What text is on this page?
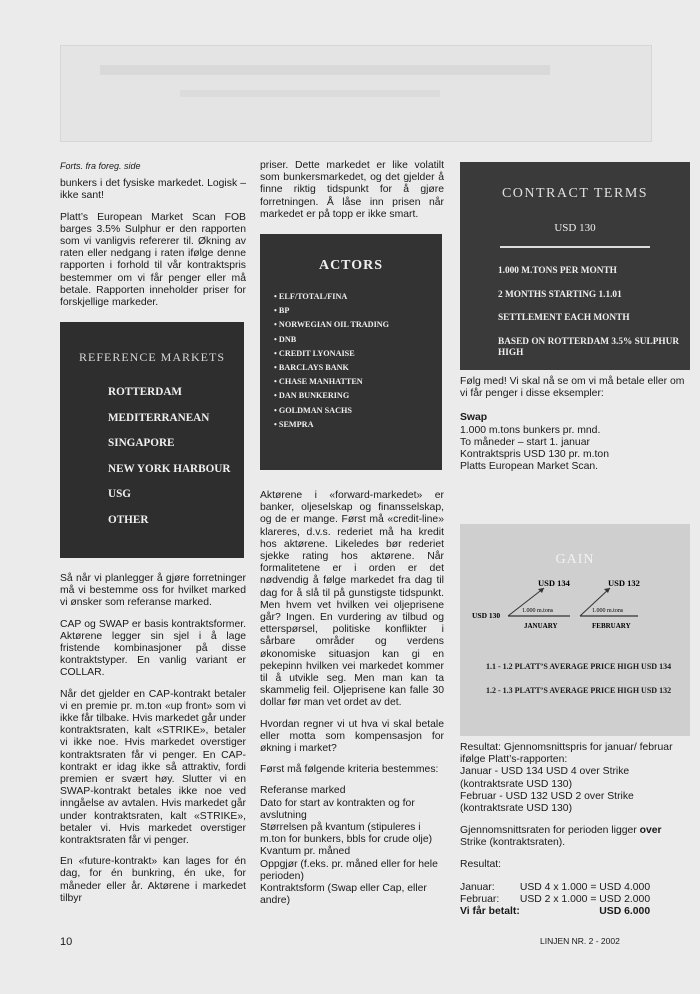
Forts. fra foreg. side

bunkers i det fysiske markedet. Logisk – ikke sant!

Platt’s European Market Scan FOB barges 3.5% Sulphur er den rapporten som vi vanligvis refererer til. Økning av raten eller nedgang i raten ifølge denne rapporten i forhold til vår kontraktspris bestemmer om vi får penger eller må betale. Rapporten inneholder priser for forskjellige markeder.

REFERENCE MARKETS
ROTTERDAM
MEDITERRANEAN
SINGAPORE
NEW YORK HARBOUR
USG
OTHER

Så når vi planlegger å gjøre forretninger må vi bestemme oss for hvilket marked vi ønsker som referanse marked.

CAP og SWAP er basis kontraktsformer. Aktørene legger sin sjel i å lage fristende kombinasjoner på disse kontraktstyper. En vanlig variant er COLLAR.

Når det gjelder en CAP-kontrakt betaler vi en premie pr. m.ton «up front» som vi ikke får tilbake. Hvis markedet går under kontraktsraten, kalt «STRIKE», betaler vi ikke noe. Hvis markedet overstiger kontraktsraten får vi penger. En CAP-kontrakt er idag ikke så attraktiv, fordi premien er svært høy. Slutter vi en SWAP-kontrakt betales ikke noe ved inngåelse av avtalen. Hvis markedet går under kontraktsraten, kalt «STRIKE», betaler vi. Hvis markedet overstiger kontraktsraten får vi penger.

En «future-kontrakt» kan lages for én dag, for én bunkring, én uke, for måneder eller år. Aktørene i markedet tilbyr

priser. Dette markedet er like volatilt som bunkersmarkedet, og det gjelder å finne riktig tidspunkt for å gjøre forretningen. Å låse inn prisen når markedet er på topp er ikke smart.

ACTORS
• ELF/TOTAL/FINA
• BP
• NORWEGIAN OIL TRADING
• DNB
• CREDIT LYONAISE
• BARCLAYS BANK
• CHASE MANHATTEN
• DAN BUNKERING
• GOLDMAN SACHS
• SEMPRA

Aktørene i «forward-markedet» er banker, oljeselskap og finansselskap, og de er mange. Først må «credit-line» klareres, d.v.s. rederiet må ha kredit hos aktørene. Likeledes bør rederiet sjekke rating hos aktørene. Når formalitetene er i orden er det nødvendig å følge markedet fra dag til dag for å slå til på gunstigste tidspunkt. Men hvem vet hvilken vei oljeprisene går? Ingen. En vurdering av tilbud og etterspørsel, politiske konflikter i sårbare områder og verdens økonomiske situasjon kan gi en pekepinn hvilken vei markedet kommer til å utvikle seg. Men man kan ta skammelig feil. Oljeprisene kan falle 30 dollar før man vet ordet av det.

Hvordan regner vi ut hva vi skal betale eller motta som kompensasjon for økning i market?

Først må følgende kriteria bestemmes:

Referanse marked
Dato for start av kontrakten og for avslutning
Størrelsen på kvantum (stipuleres i m.ton for bunkers, bbls for crude olje)
Kvantum pr. måned
Oppgjør (f.eks. pr. måned eller for hele perioden)
Kontraktsform (Swap eller Cap, eller andre)
CONTRACT TERMS
USD 130
1.000 M.TONS PER MONTH
2 MONTHS STARTING 1.1.01
SETTLEMENT EACH MONTH
BASED ON ROTTERDAM 3.5% SULPHUR HIGH

Følg med! Vi skal nå se om vi må betale eller om vi får penger i disse eksempler:

Swap
1.000 m.tons bunkers pr. mnd.
To måneder – start 1. januar
Kontraktspris USD 130 pr. m.ton
Platts European Market Scan.
GAIN
USD 130
USD 134	USD 132
1.000 m.tons	1.000 m.tons
JANUARY	FEBRUARY
1.1 - 1.2 PLATT’S AVERAGE PRICE HIGH USD 134
1.2 - 1.3 PLATT’S AVERAGE PRICE HIGH USD 132
Resultat: Gjennomsnittspris for januar/ februar ifølge Platt’s-rapporten:
Januar - USD 134 USD 4 over Strike (kontraktsrate USD 130)
Februar - USD 132 USD 2 over Strike (kontraktsrate USD 130)

Gjennomsnittsraten for perioden ligger over Strike (kontraktsraten).

Resultat:

Januar:	USD 4 x 1.000 = USD 4.000
Februar:	USD 2 x 1.000 = USD 2.000
Vi får betalt:	USD 6.000
10	LINJEN NR. 2 - 2002
